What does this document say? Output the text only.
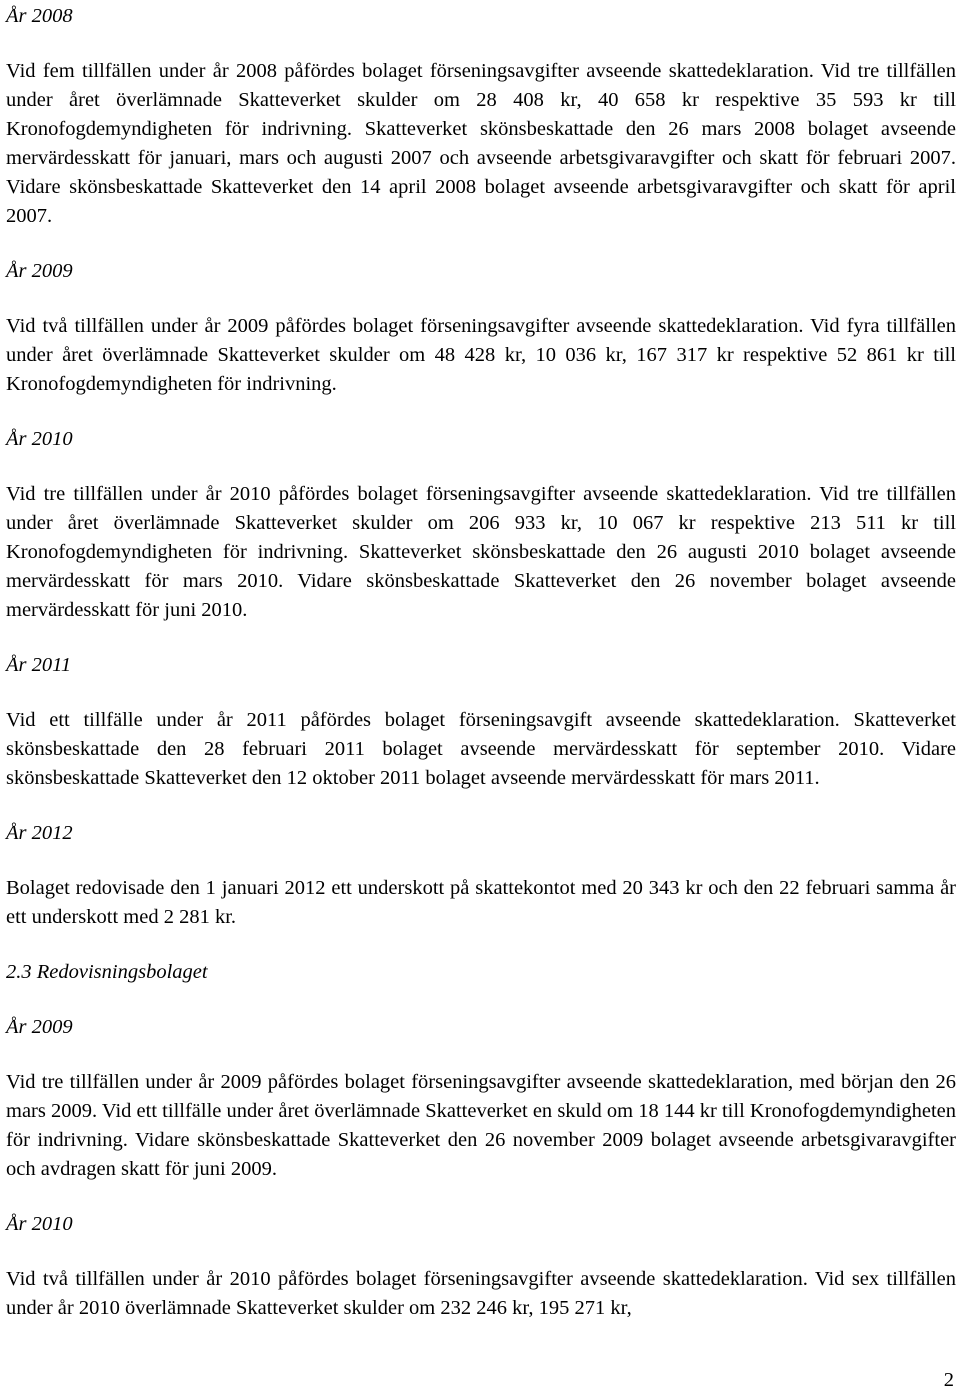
År 2008

Vid fem tillfällen under år 2008 påfördes bolaget förseningsavgifter avseende skattedeklaration. Vid tre tillfällen under året överlämnade Skatteverket skulder om 28 408 kr, 40 658 kr respektive 35 593 kr till Kronofogdemyndigheten för indrivning. Skatteverket skönsbeskattade den 26 mars 2008 bolaget avseende mervärdesskatt för januari, mars och augusti 2007 och avseende arbetsgivaravgifter och skatt för februari 2007. Vidare skönsbeskattade Skatteverket den 14 april 2008 bolaget avseende arbetsgivaravgifter och skatt för april 2007.

År 2009

Vid två tillfällen under år 2009 påfördes bolaget förseningsavgifter avseende skattedeklaration. Vid fyra tillfällen under året överlämnade Skatteverket skulder om 48 428 kr, 10 036 kr, 167 317 kr respektive 52 861 kr till Kronofogdemyndigheten för indrivning.

År 2010

Vid tre tillfällen under år 2010 påfördes bolaget förseningsavgifter avseende skattedeklaration. Vid tre tillfällen under året överlämnade Skatteverket skulder om 206 933 kr, 10 067 kr respektive 213 511 kr till Kronofogdemyndigheten för indrivning. Skatteverket skönsbeskattade den 26 augusti 2010 bolaget avseende mervärdesskatt för mars 2010. Vidare skönsbeskattade Skatteverket den 26 november bolaget avseende mervärdesskatt för juni 2010.

År 2011

Vid ett tillfälle under år 2011 påfördes bolaget förseningsavgift avseende skattedeklaration. Skatteverket skönsbeskattade den 28 februari 2011 bolaget avseende mervärdesskatt för september 2010. Vidare skönsbeskattade Skatteverket den 12 oktober 2011 bolaget avseende mervärdesskatt för mars 2011.

År 2012

Bolaget redovisade den 1 januari 2012 ett underskott på skattekontot med 20 343 kr och den 22 februari samma år ett underskott med 2 281 kr.

2.3 Redovisningsbolaget

År 2009

Vid tre tillfällen under år 2009 påfördes bolaget förseningsavgifter avseende skattedeklaration, med början den 26 mars 2009. Vid ett tillfälle under året överlämnade Skatteverket en skuld om 18 144 kr till Kronofogdemyndigheten för indrivning. Vidare skönsbeskattade Skatteverket den 26 november 2009 bolaget avseende arbetsgivaravgifter och avdragen skatt för juni 2009.

År 2010

Vid två tillfällen under år 2010 påfördes bolaget förseningsavgifter avseende skattedeklaration. Vid sex tillfällen under år 2010 överlämnade Skatteverket skulder om 232 246 kr, 195 271 kr,

2
